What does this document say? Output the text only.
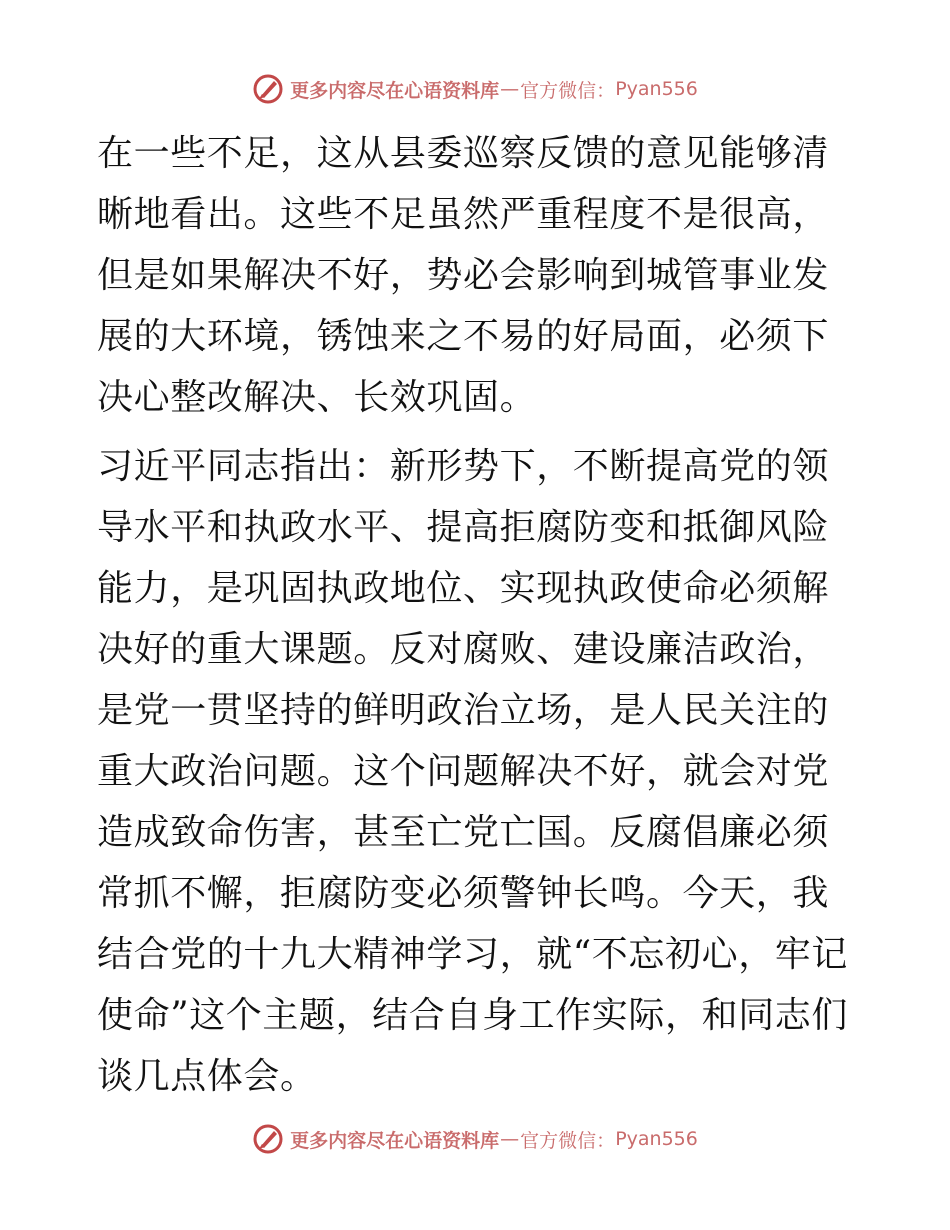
更多内容尽在心语资料库 — 官方微信： Pyan556

在一些不足，这从县委巡察反馈的意见能够清晰地看出。这些不足虽然严重程度不是很高，但是如果解决不好，势必会影响到城管事业发展的大环境，锈蚀来之不易的好局面，必须下决心整改解决、长效巩固。

习近平同志指出：新形势下，不断提高党的领导水平和执政水平、提高拒腐防变和抵御风险能力，是巩固执政地位、实现执政使命必须解决好的重大课题。反对腐败、建设廉洁政治，是党一贯坚持的鲜明政治立场，是人民关注的重大政治问题。这个问题解决不好，就会对党造成致命伤害，甚至亡党亡国。反腐倡廉必须常抓不懈，拒腐防变必须警钟长鸣。今天，我结合党的十九大精神学习，就“不忘初心，牢记使命”这个主题，结合自身工作实际，和同志们谈几点体会。

更多内容尽在心语资料库 — 官方微信： Pyan556
